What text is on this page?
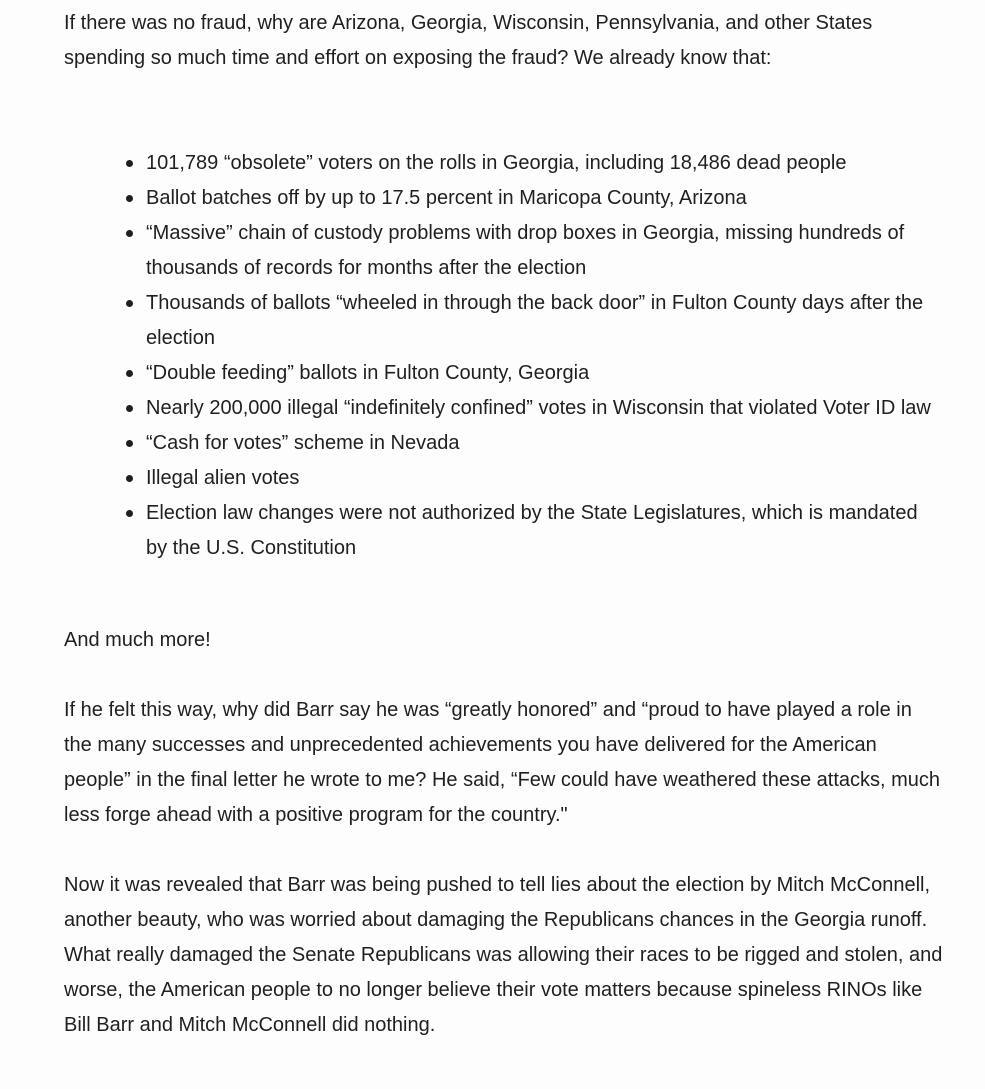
If there was no fraud, why are Arizona, Georgia, Wisconsin, Pennsylvania, and other States spending so much time and effort on exposing the fraud? We already know that:

101,789 “obsolete” voters on the rolls in Georgia, including 18,486 dead people
Ballot batches off by up to 17.5 percent in Maricopa County, Arizona
“Massive” chain of custody problems with drop boxes in Georgia, missing hundreds of thousands of records for months after the election
Thousands of ballots “wheeled in through the back door” in Fulton County days after the election
“Double feeding” ballots in Fulton County, Georgia
Nearly 200,000 illegal “indefinitely confined” votes in Wisconsin that violated Voter ID law
“Cash for votes” scheme in Nevada
Illegal alien votes
Election law changes were not authorized by the State Legislatures, which is mandated by the U.S. Constitution

And much more!

If he felt this way, why did Barr say he was “greatly honored” and “proud to have played a role in the many successes and unprecedented achievements you have delivered for the American people” in the final letter he wrote to me? He said, “Few could have weathered these attacks, much less forge ahead with a positive program for the country."

Now it was revealed that Barr was being pushed to tell lies about the election by Mitch McConnell, another beauty, who was worried about damaging the Republicans chances in the Georgia runoff. What really damaged the Senate Republicans was allowing their races to be rigged and stolen, and worse, the American people to no longer believe their vote matters because spineless RINOs like Bill Barr and Mitch McConnell did nothing.
